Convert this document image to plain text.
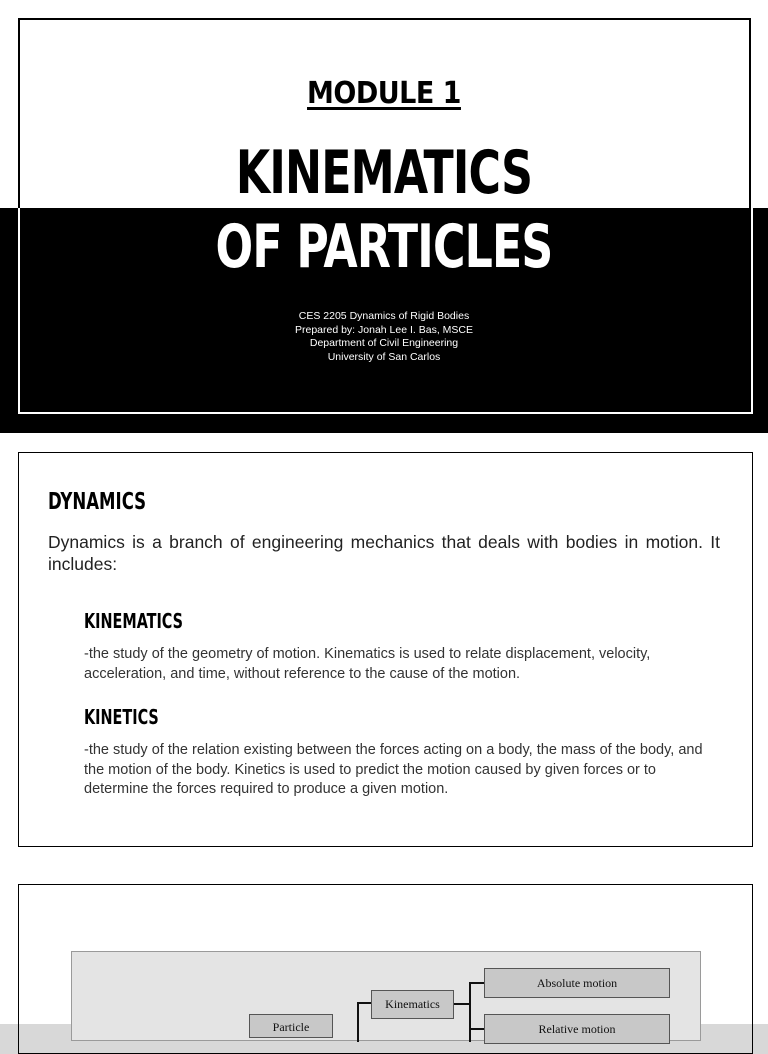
MODULE 1
KINEMATICS
OF PARTICLES
CES 2205 Dynamics of Rigid Bodies
Prepared by: Jonah Lee I. Bas, MSCE
Department of Civil Engineering
University of San Carlos
DYNAMICS
Dynamics is a branch of engineering mechanics that deals with bodies in motion. It includes:
KINEMATICS
-the study of the geometry of motion. Kinematics is used to relate displacement, velocity, acceleration, and time, without reference to the cause of the motion.
KINETICS
-the study of the relation existing between the forces acting on a body, the mass of the body, and the motion of the body. Kinetics is used to predict the motion caused by given forces or to determine the forces required to produce a given motion.
Particle
Kinematics
Absolute motion
Relative motion
